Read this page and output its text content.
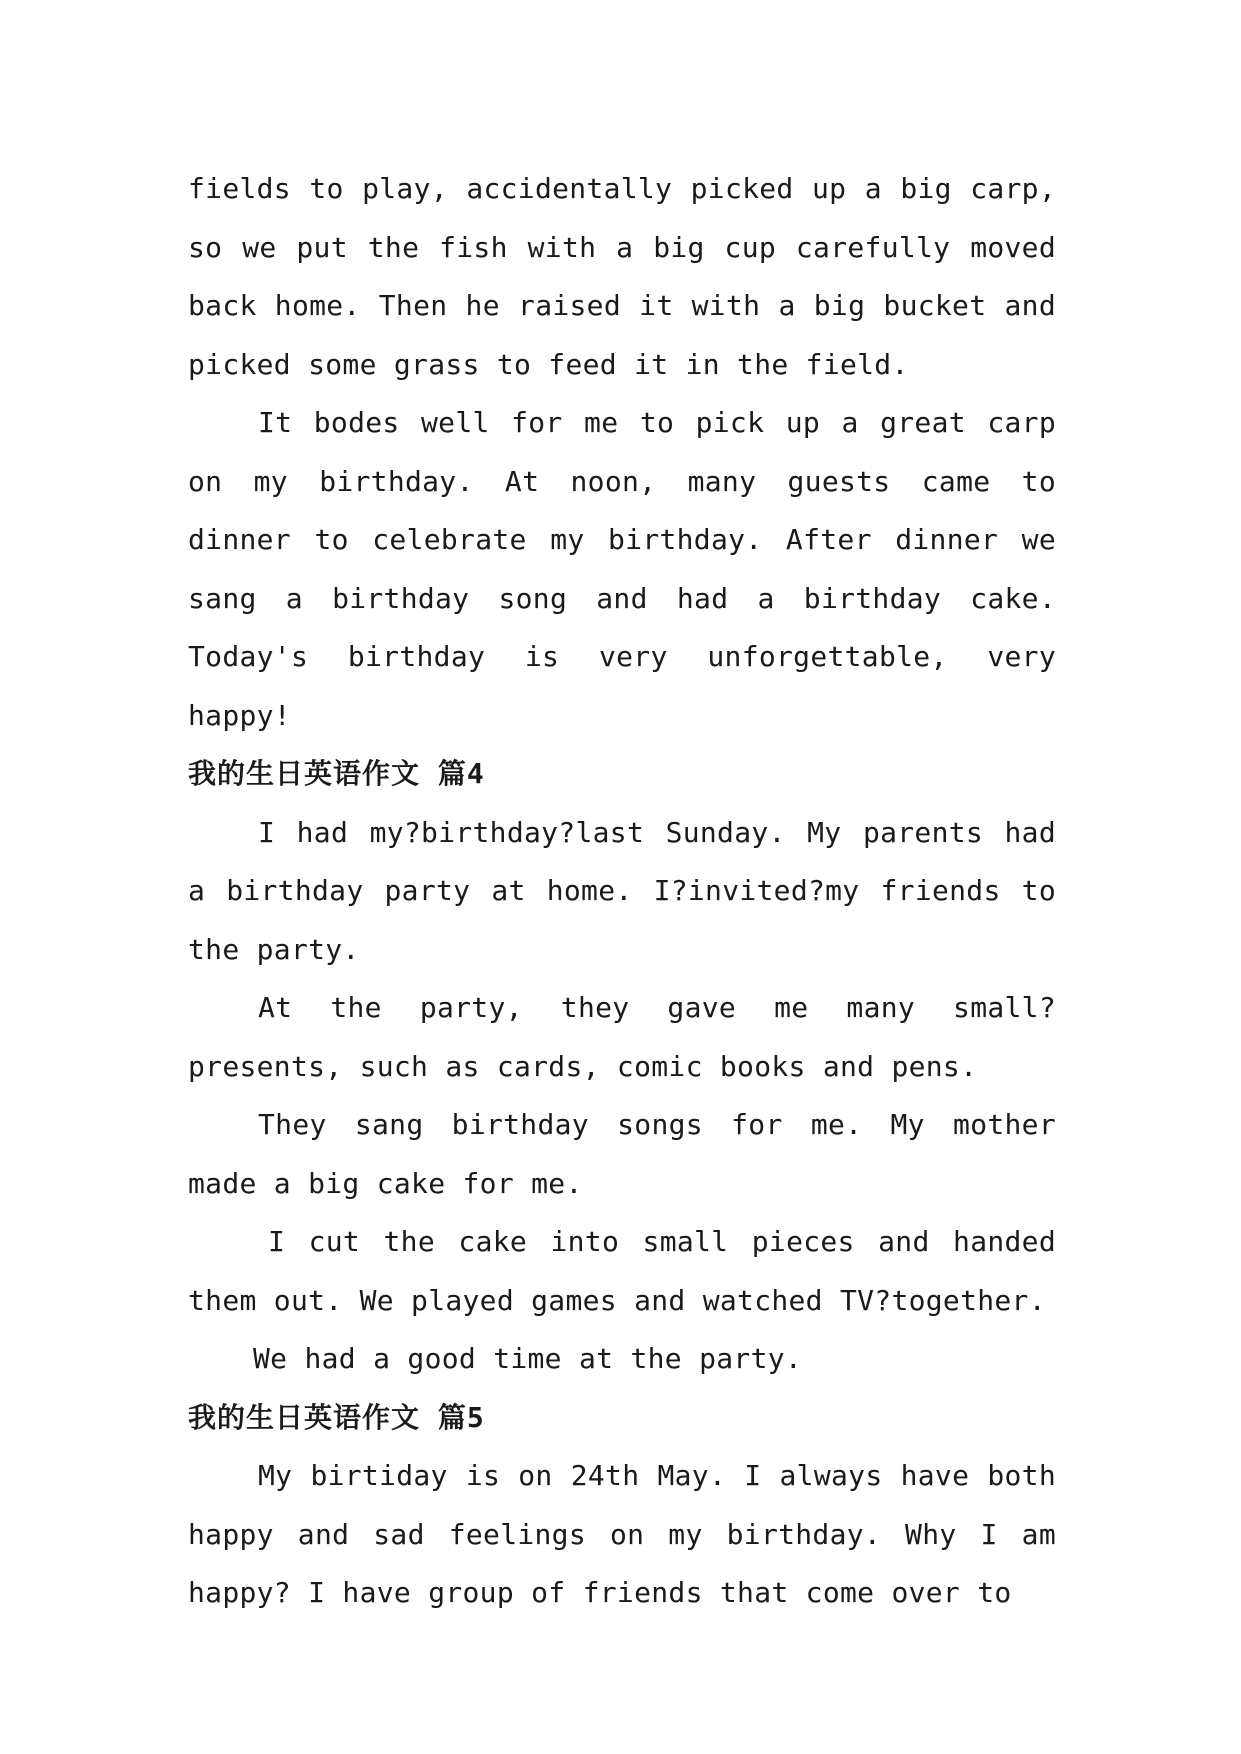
fields to play, accidentally picked up a big carp, so we put the fish with a big cup carefully moved back home. Then he raised it with a big bucket and picked some grass to feed it in the field.

It bodes well for me to pick up a great carp on my birthday. At noon, many guests came to dinner to celebrate my birthday. After dinner we sang a birthday song and had a birthday cake. Today's birthday is very unforgettable, very happy!

我的生日英语作文 篇4

I had my?birthday?last Sunday. My parents had a birthday party at home. I?invited?my friends to the party.

At the party, they gave me many small?presents, such as cards, comic books and pens.

They sang birthday songs for me. My mother made a big cake for me.

I cut the cake into small pieces and handed them out. We played games and watched TV?together.

We had a good time at the party.

我的生日英语作文 篇5

My birtiday is on 24th May. I always have both happy and sad feelings on my birthday. Why I am happy? I have group of friends that come over to
